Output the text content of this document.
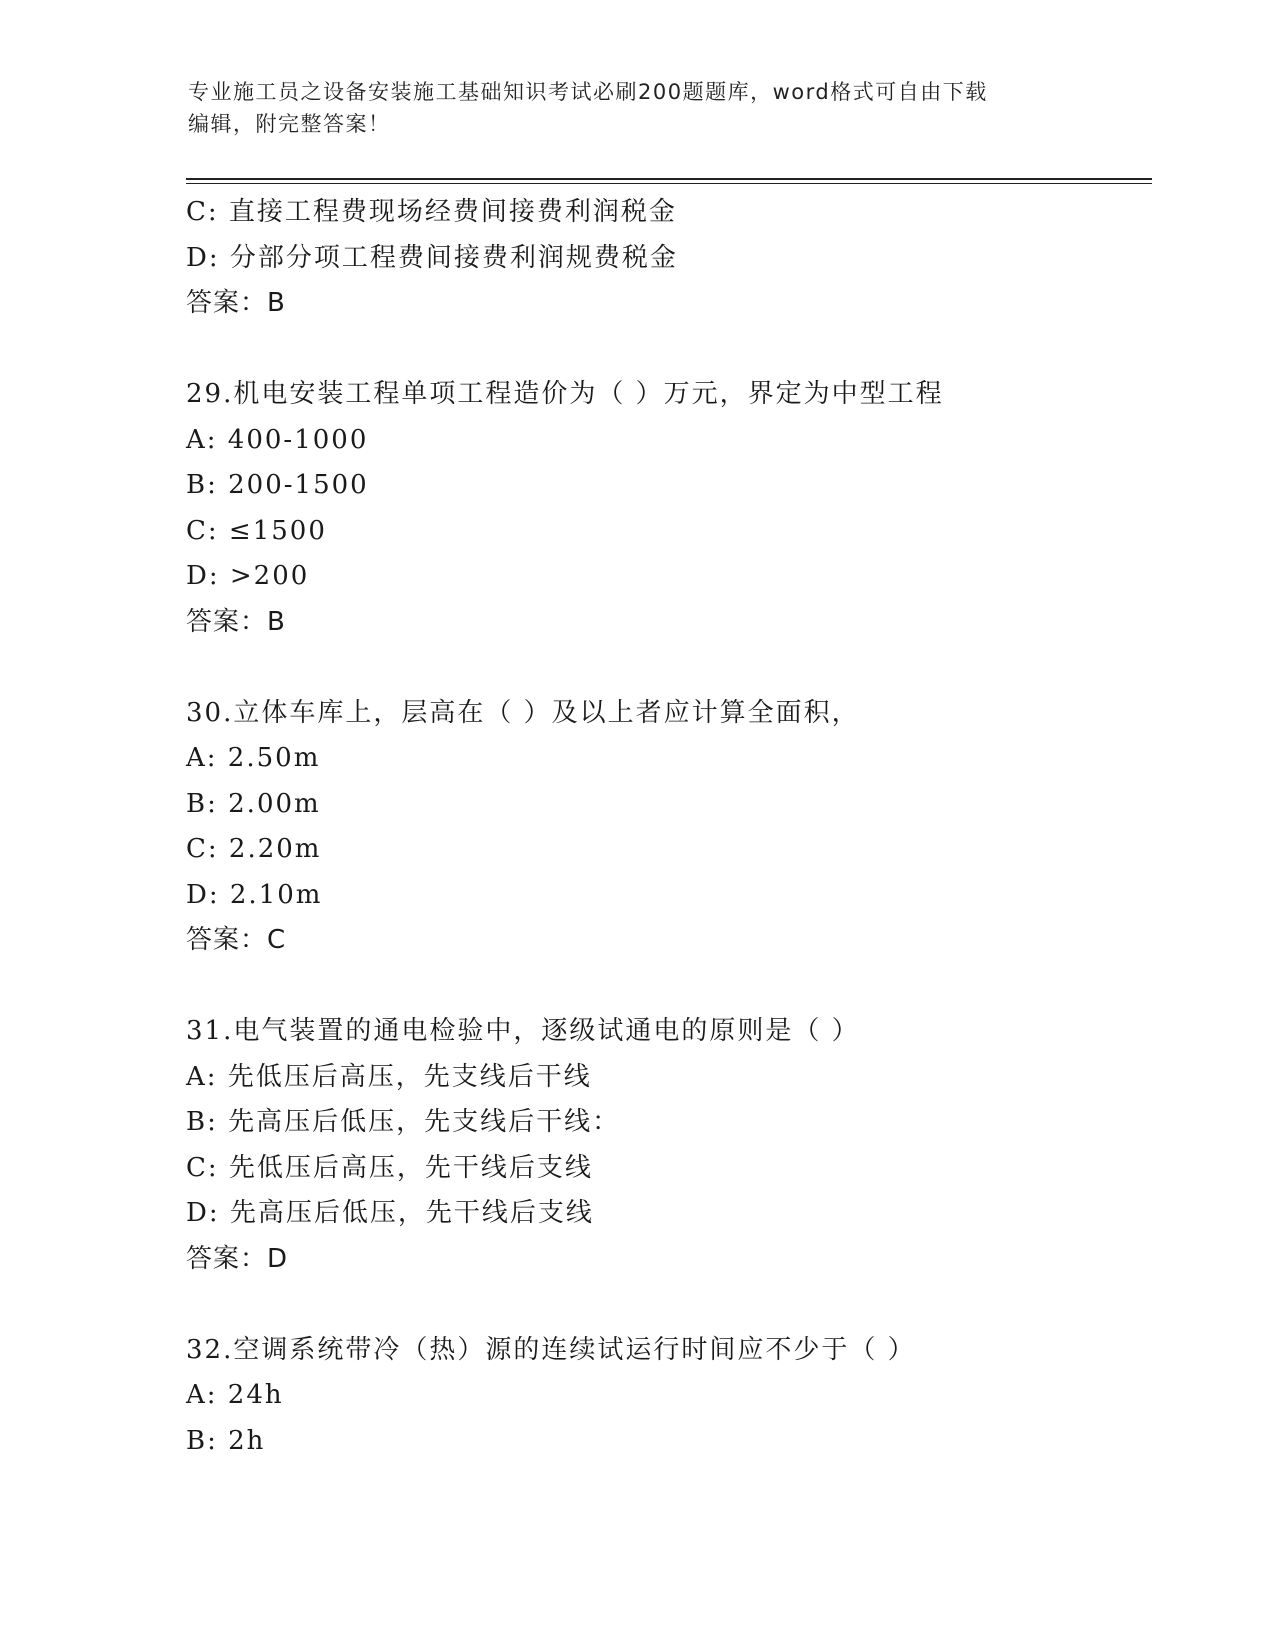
专业施工员之设备安装施工基础知识考试必刷200题题库，word格式可自由下载
编辑，附完整答案！
C: 直接工程费现场经费间接费利润税金
D: 分部分项工程费间接费利润规费税金
答案：B
29.机电安装工程单项工程造价为（ ）万元，界定为中型工程
A: 400-1000
B: 200-1500
C: ≤1500
D: >200
答案：B
30.立体车库上，层高在（ ）及以上者应计算全面积，
A: 2.50m
B: 2.00m
C: 2.20m
D: 2.10m
答案：C
31.电气装置的通电检验中，逐级试通电的原则是（ ）
A: 先低压后高压，先支线后干线
B: 先高压后低压，先支线后干线：
C: 先低压后高压，先干线后支线
D: 先高压后低压，先干线后支线
答案：D
32.空调系统带冷（热）源的连续试运行时间应不少于（ ）
A: 24h
B: 2h
